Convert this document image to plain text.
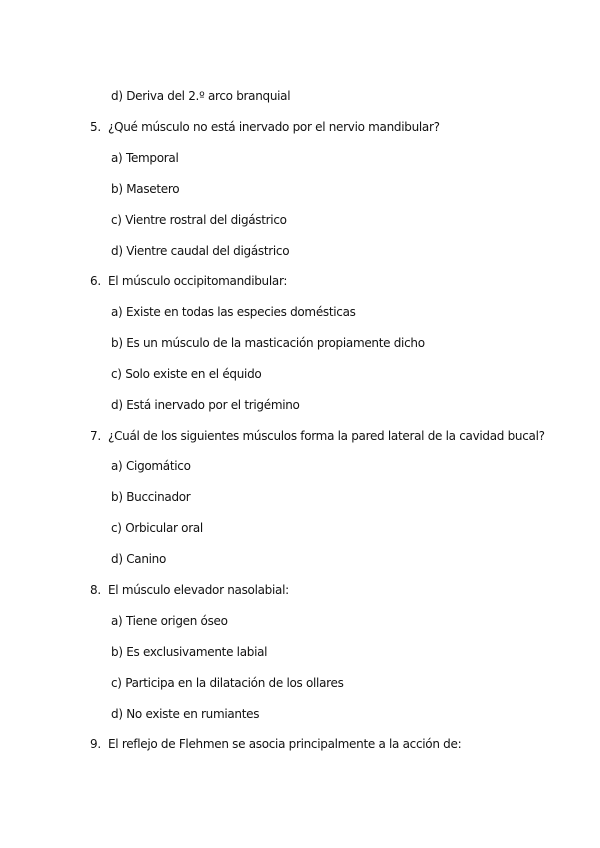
d) Deriva del 2.º arco branquial
5. ¿Qué músculo no está inervado por el nervio mandibular?
a) Temporal
b) Masetero
c) Vientre rostral del digástrico
d) Vientre caudal del digástrico
6. El músculo occipitomandibular:
a) Existe en todas las especies domésticas
b) Es un músculo de la masticación propiamente dicho
c) Solo existe en el équido
d) Está inervado por el trigémino
7. ¿Cuál de los siguientes músculos forma la pared lateral de la cavidad bucal?
a) Cigomático
b) Buccinador
c) Orbicular oral
d) Canino
8. El músculo elevador nasolabial:
a) Tiene origen óseo
b) Es exclusivamente labial
c) Participa en la dilatación de los ollares
d) No existe en rumiantes
9. El reflejo de Flehmen se asocia principalmente a la acción de:
